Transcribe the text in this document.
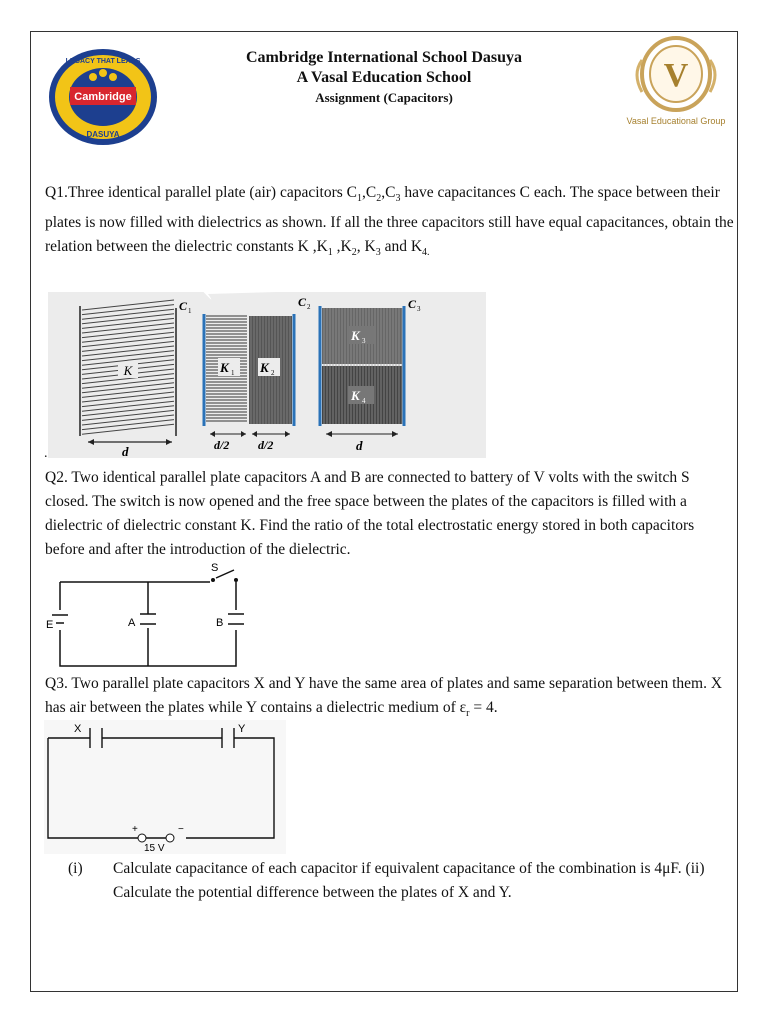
Cambridge
LEGACY THAT LEADS
DASUYA
V
Vasal Educational Group
Cambridge International School Dasuya
A Vasal Education School
Assignment (Capacitors)
Q1.Three identical parallel plate (air) capacitors $C_1,C_2,C_3$ have capacitances C each. The space between their plates is now filled with dielectrics as shown. If all the three capacitors still have equal capacitances, obtain the relation between the dielectric constants K $,K_1$ $,K_2$, $K_3$ and $K_{4.}$
K
d
C 1
K 1 K 2
d/2 d/2
C 2
K 3
K 4
d
C 3
.
Q2. Two identical parallel plate capacitors A and B are connected to battery of V volts with the switch S closed. The switch is now opened and the free space between the plates of the capacitors is filled with a dielectric of dielectric constant K. Find the ratio of the total electrostatic energy stored in both capacitors before and after the introduction of the dielectric.
E	A	B
S
Q3. Two parallel plate capacitors X and Y have the same area of plates and same separation between them. X has air between the plates while Y contains a dielectric medium of $\varepsilon_r = 4$.
X	Y
+	−
15 V
(i) Calculate capacitance of each capacitor if equivalent capacitance of the combination is 4μF. (ii) Calculate the potential difference between the plates of X and Y.
